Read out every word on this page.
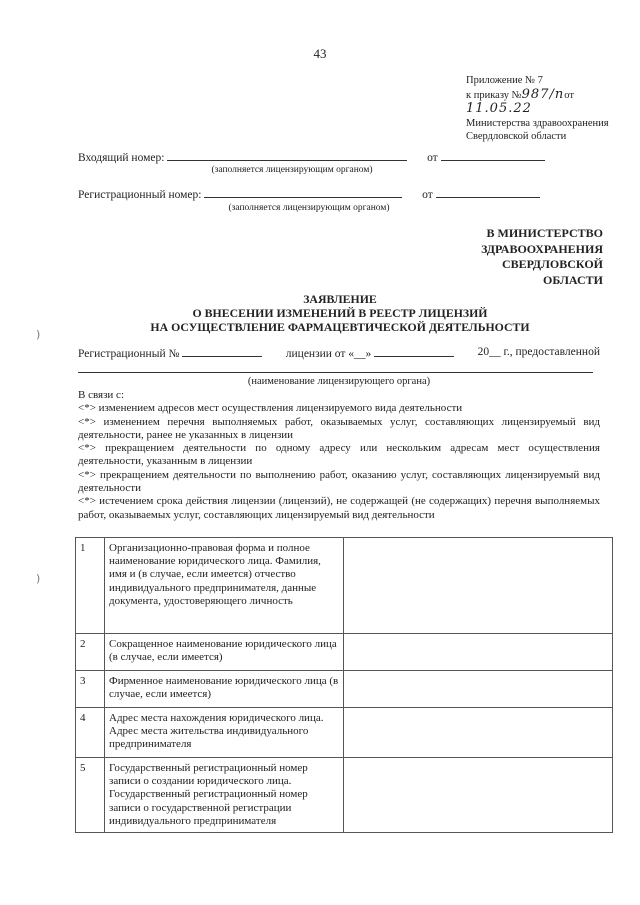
43
Приложение № 7
к приказу №987/пот 11.05.22
Министерства здравоохранения
Свердловской области
Входящий номер:	от
(заполняется лицензирующим органом)
Регистрационный номер:	от
(заполняется лицензирующим органом)
В МИНИСТЕРСТВО
ЗДРАВООХРАНЕНИЯ
СВЕРДЛОВСКОЙ
ОБЛАСТИ
ЗАЯВЛЕНИЕ
О ВНЕСЕНИИ ИЗМЕНЕНИЙ В РЕЕСТР ЛИЦЕНЗИЙ
НА ОСУЩЕСТВЛЕНИЕ ФАРМАЦЕВТИЧЕСКОЙ ДЕЯТЕЛЬНОСТИ
)
)
Регистрационный №	лицензии от «__»	20__ г., предоставленной
(наименование лицензирующего органа)

В связи с:

<*> изменением адресов мест осуществления лицензируемого вида деятельности

<*> изменением перечня выполняемых работ, оказываемых услуг, составляющих лицензируемый вид деятельности, ранее не указанных в лицензии

<*> прекращением деятельности по одному адресу или нескольким адресам мест осуществления деятельности, указанным в лицензии

<*> прекращением деятельности по выполнению работ, оказанию услуг, составляющих лицензируемый вид деятельности

<*> истечением срока действия лицензии (лицензий), не содержащей (не содержащих) перечня выполняемых работ, оказываемых услуг, составляющих лицензируемый вид деятельности

1	Организационно-правовая форма и полное наименование юридического лица. Фамилия, имя и (в случае, если имеется) отчество индивидуального предпринимателя, данные документа, удостоверяющего личность	
2	Сокращенное наименование юридического лица (в случае, если имеется)	
3	Фирменное наименование юридического лица (в случае, если имеется)	
4	Адрес места нахождения юридического лица. Адрес места жительства индивидуального предпринимателя	
5	Государственный регистрационный номер записи о создании юридического лица. Государственный регистрационный номер записи о государственной регистрации индивидуального предпринимателя	
